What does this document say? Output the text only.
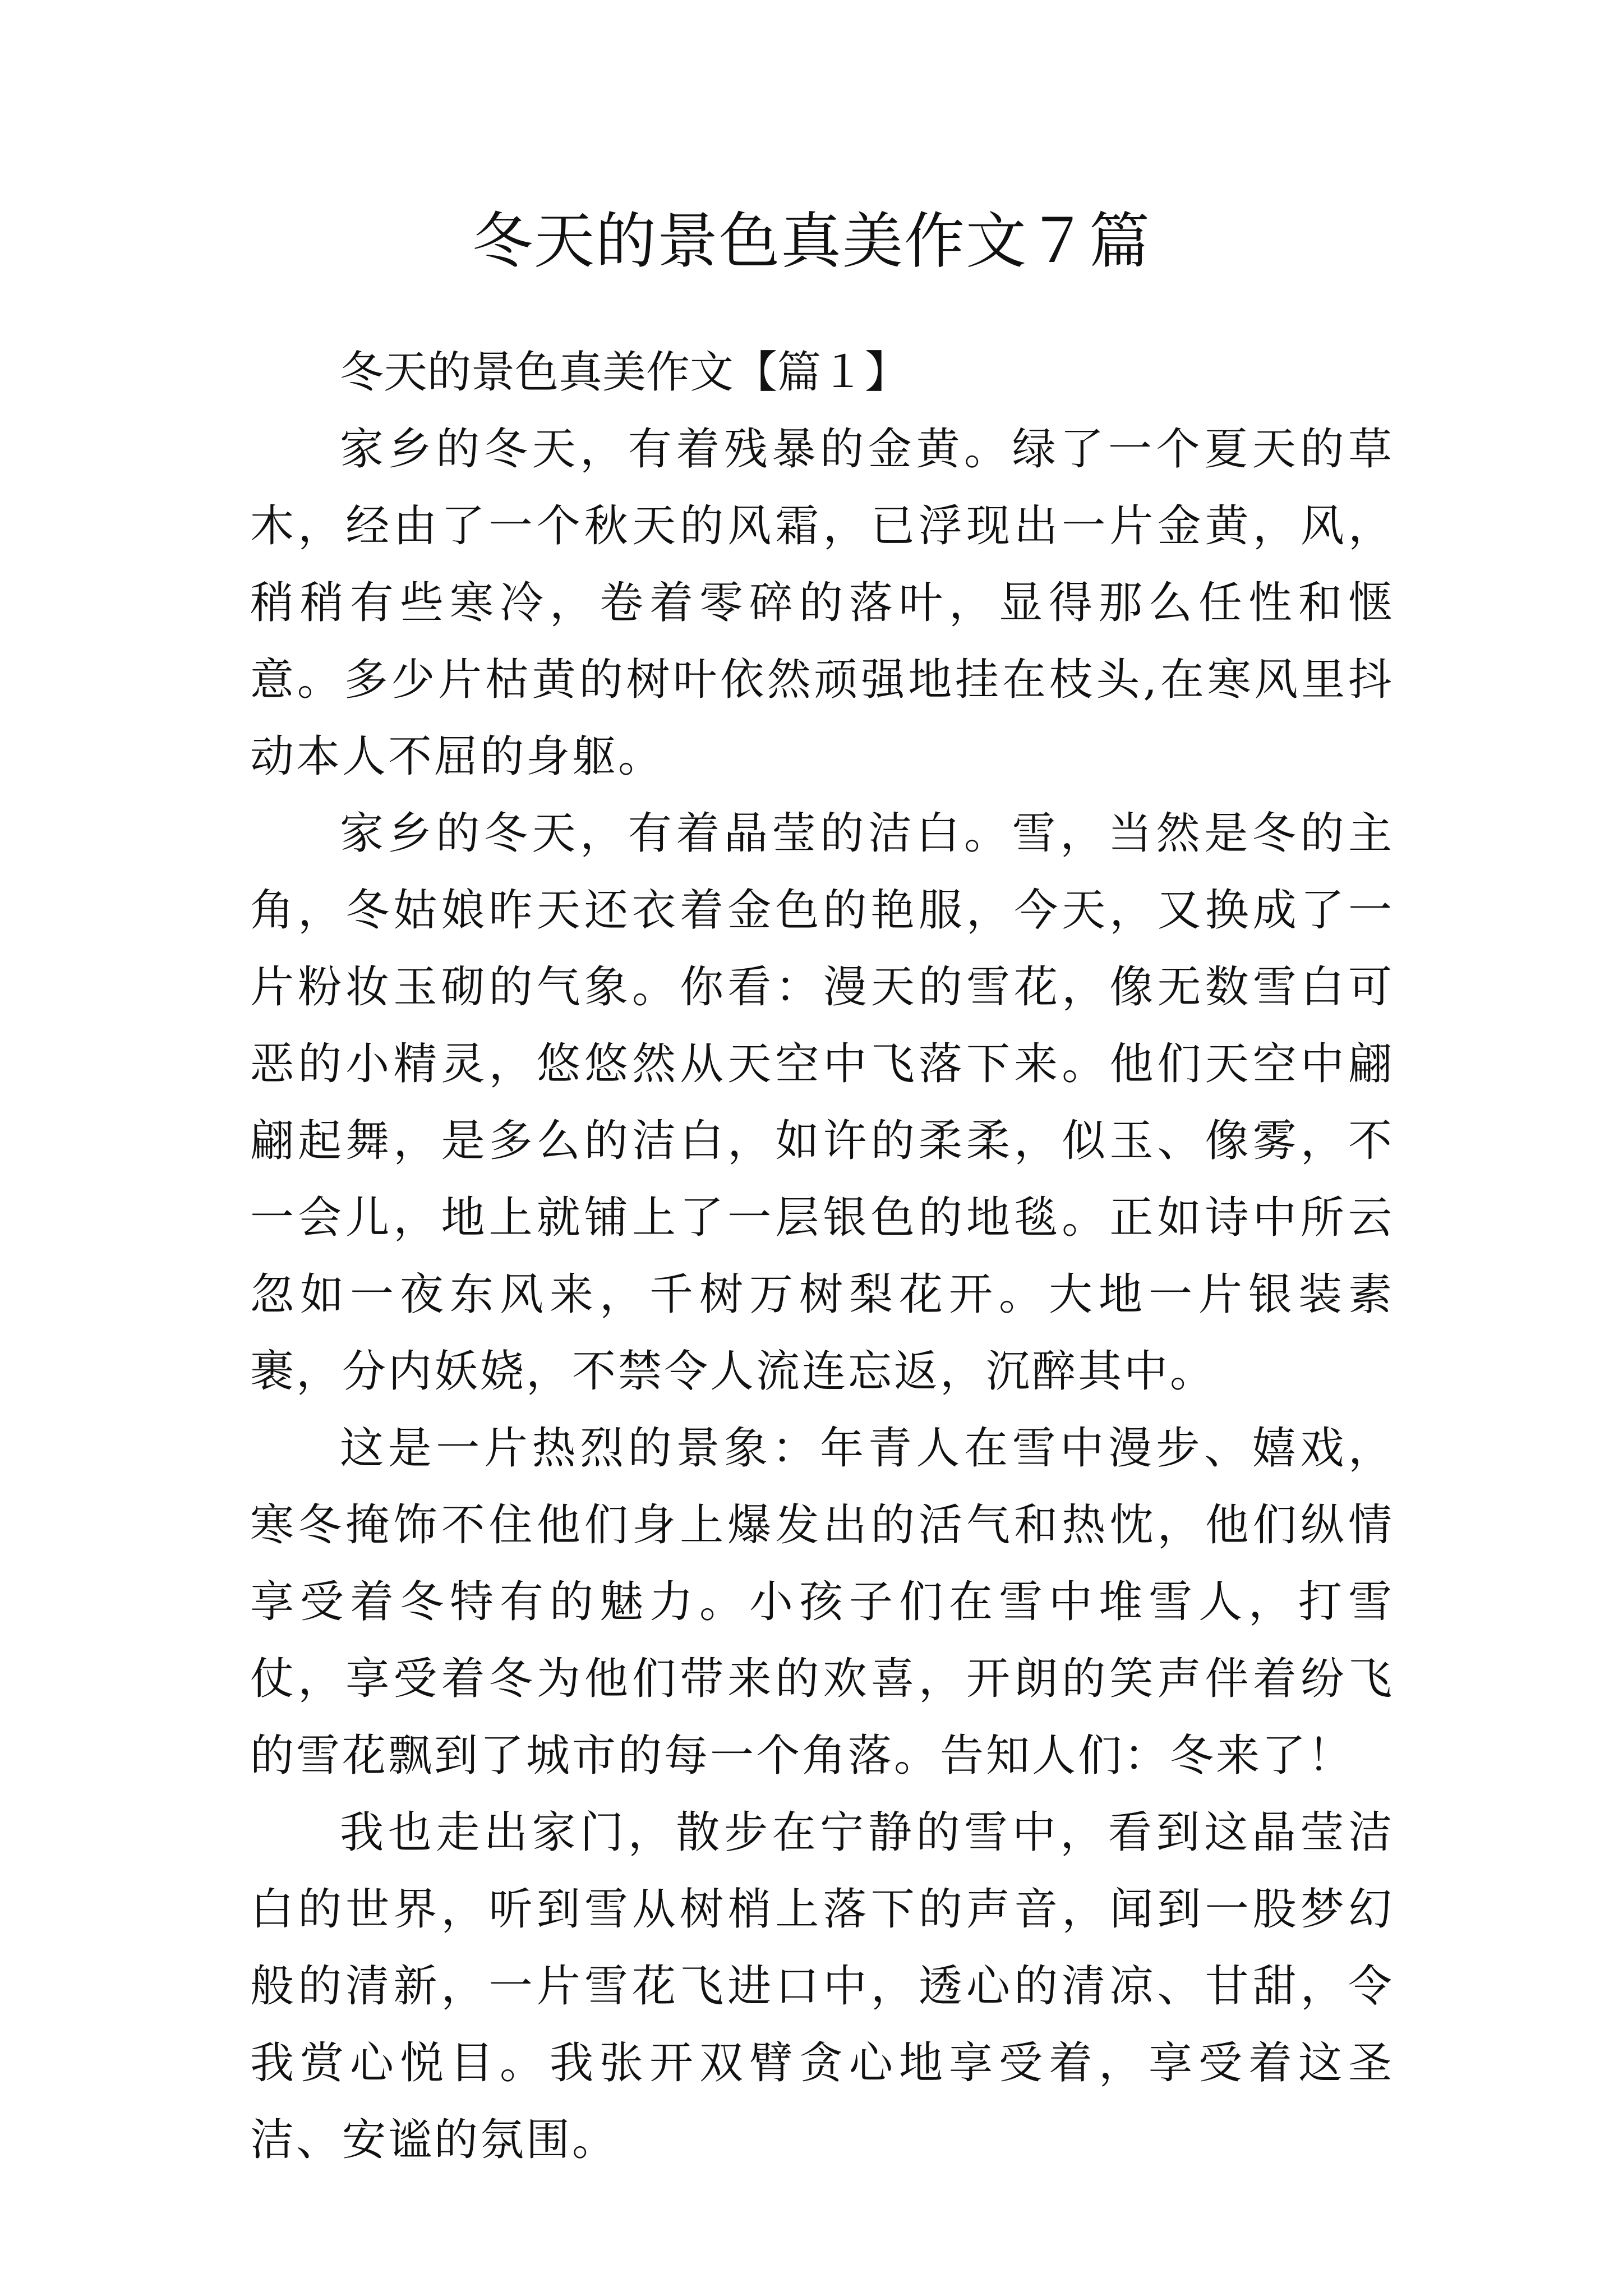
冬天的景色真美作文７篇

冬天的景色真美作文【篇１】

家乡的冬天，有着残暴的金黄。绿了一个夏天的草木，经由了一个秋天的风霜，已浮现出一片金黄，风，稍稍有些寒冷，卷着零碎的落叶，显得那么任性和惬意。多少片枯黄的树叶依然顽强地挂在枝头,在寒风里抖动本人不屈的身躯。

家乡的冬天，有着晶莹的洁白。雪，当然是冬的主角，冬姑娘昨天还衣着金色的艳服，今天，又换成了一片粉妆玉砌的气象。你看：漫天的雪花，像无数雪白可恶的小精灵，悠悠然从天空中飞落下来。他们天空中翩翩起舞，是多么的洁白，如许的柔柔，似玉、像雾，不一会儿，地上就铺上了一层银色的地毯。正如诗中所云忽如一夜东风来，千树万树梨花开。大地一片银装素裹，分内妖娆，不禁令人流连忘返，沉醉其中。

这是一片热烈的景象：年青人在雪中漫步、嬉戏，寒冬掩饰不住他们身上爆发出的活气和热忱，他们纵情享受着冬特有的魅力。小孩子们在雪中堆雪人，打雪仗，享受着冬为他们带来的欢喜，开朗的笑声伴着纷飞的雪花飘到了城市的每一个角落。告知人们：冬来了！

我也走出家门，散步在宁静的雪中，看到这晶莹洁白的世界，听到雪从树梢上落下的声音，闻到一股梦幻般的清新，一片雪花飞进口中，透心的清凉、甘甜，令我赏心悦目。我张开双臂贪心地享受着，享受着这圣洁、安谧的氛围。
